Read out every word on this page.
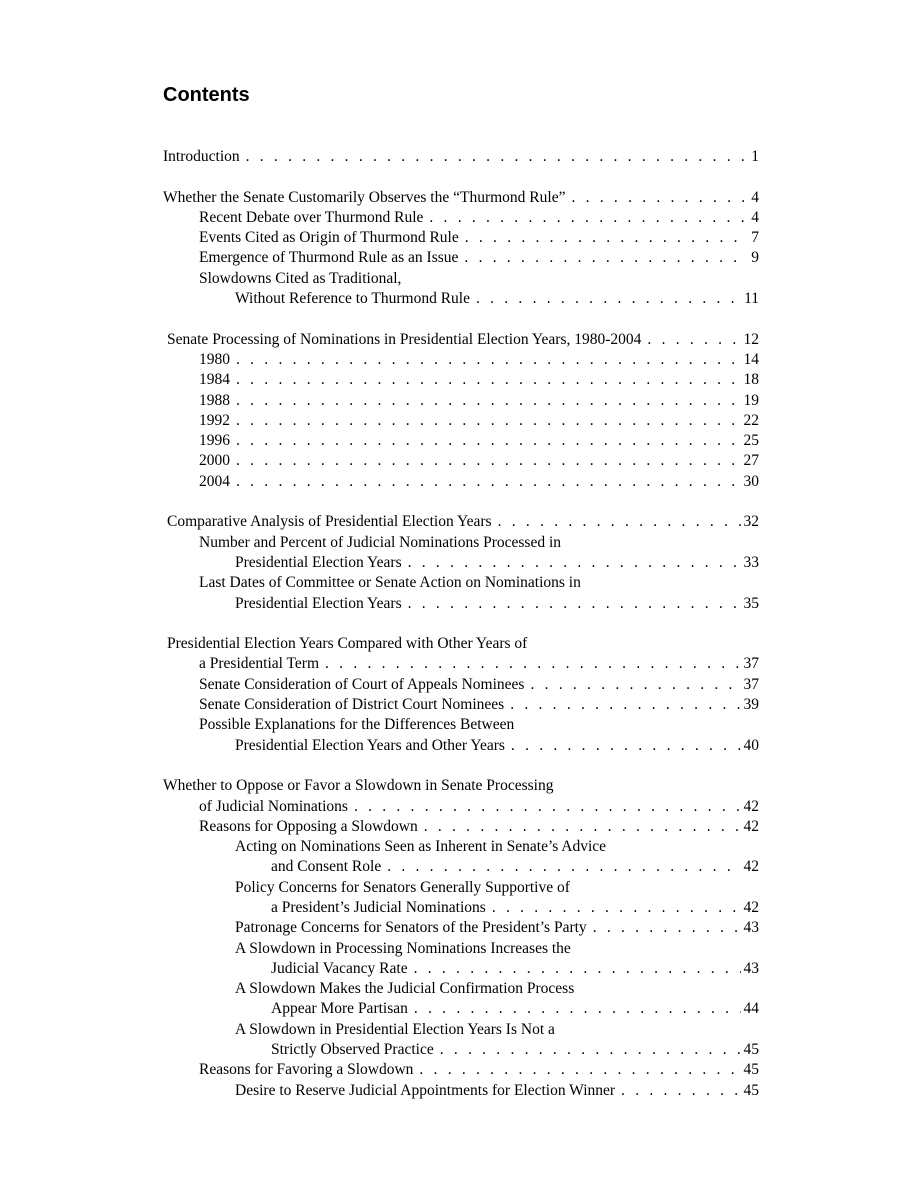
Contents
Introduction . . .	1
Whether the Senate Customarily Observes the “Thurmond Rule” . . .	4
Recent Debate over Thurmond Rule . . .	4
Events Cited as Origin of Thurmond Rule . . .	7
Emergence of Thurmond Rule as an Issue . . .	9
Slowdowns Cited as Traditional,
Without Reference to Thurmond Rule . . .	11
Senate Processing of Nominations in Presidential Election Years, 1980-2004 . . .	12
1980 . . .	14
1984 . . .	18
1988 . . .	19
1992 . . .	22
1996 . . .	25
2000 . . .	27
2004 . . .	30
Comparative Analysis of Presidential Election Years . . .	32
Number and Percent of Judicial Nominations Processed in
Presidential Election Years . . .	33
Last Dates of Committee or Senate Action on Nominations in
Presidential Election Years . . .	35
Presidential Election Years Compared with Other Years of
a Presidential Term . . .	37
Senate Consideration of Court of Appeals Nominees . . .	37
Senate Consideration of District Court Nominees . . .	39
Possible Explanations for the Differences Between
Presidential Election Years and Other Years . . .	40
Whether to Oppose or Favor a Slowdown in Senate Processing
of Judicial Nominations . . .	42
Reasons for Opposing a Slowdown . . .	42
Acting on Nominations Seen as Inherent in Senate’s Advice
and Consent Role . . .	42
Policy Concerns for Senators Generally Supportive of
a President’s Judicial Nominations . . .	42
Patronage Concerns for Senators of the President’s Party . . .	43
A Slowdown in Processing Nominations Increases the
Judicial Vacancy Rate . . .	43
A Slowdown Makes the Judicial Confirmation Process
Appear More Partisan . . .	44
A Slowdown in Presidential Election Years Is Not a
Strictly Observed Practice . . .	45
Reasons for Favoring a Slowdown . . .	45
Desire to Reserve Judicial Appointments for Election Winner . . .	45
